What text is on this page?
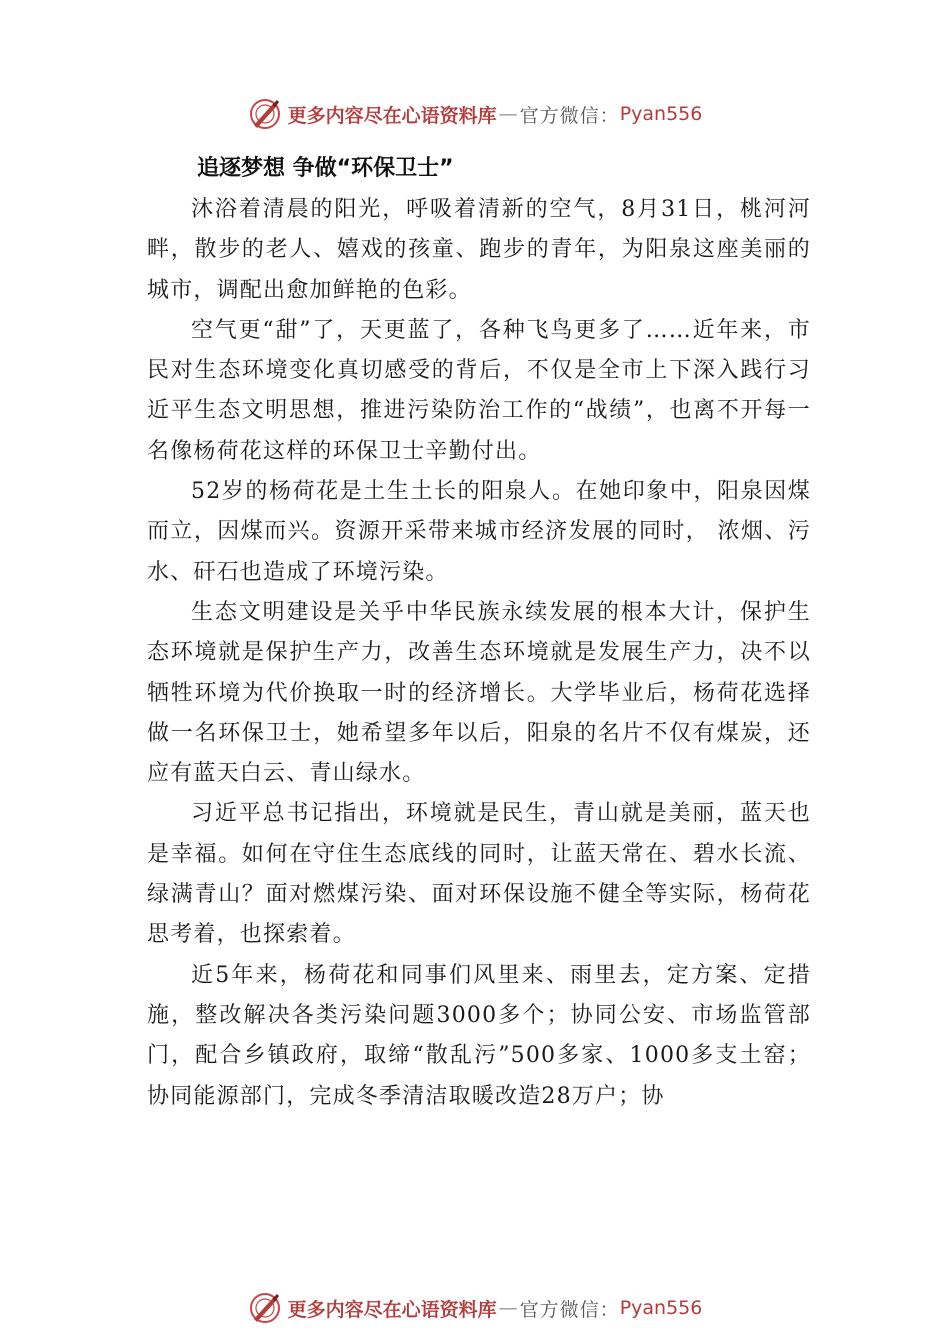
更多内容尽在心语资料库 — 官方微信： Pyan556
追逐梦想 争做“环保卫士”

沐浴着清晨的阳光，呼吸着清新的空气，8月31日，桃河河畔，散步的老人、嬉戏的孩童、跑步的青年，为阳泉这座美丽的城市，调配出愈加鲜艳的色彩。

空气更“甜”了，天更蓝了，各种飞鸟更多了……近年来，市民对生态环境变化真切感受的背后，不仅是全市上下深入践行习近平生态文明思想，推进污染防治工作的“战绩”，也离不开每一名像杨荷花这样的环保卫士辛勤付出。

52岁的杨荷花是土生土长的阳泉人。在她印象中，阳泉因煤而立，因煤而兴。资源开采带来城市经济发展的同时， 浓烟、污水、矸石也造成了环境污染。

生态文明建设是关乎中华民族永续发展的根本大计，保护生态环境就是保护生产力，改善生态环境就是发展生产力，决不以牺牲环境为代价换取一时的经济增长。大学毕业后，杨荷花选择做一名环保卫士，她希望多年以后，阳泉的名片不仅有煤炭，还应有蓝天白云、青山绿水。

习近平总书记指出，环境就是民生，青山就是美丽，蓝天也是幸福。如何在守住生态底线的同时，让蓝天常在、碧水长流、绿满青山？面对燃煤污染、面对环保设施不健全等实际，杨荷花思考着，也探索着。

近5年来，杨荷花和同事们风里来、雨里去，定方案、定措施，整改解决各类污染问题3000多个；协同公安、市场监管部门，配合乡镇政府，取缔“散乱污”500多家、1000多支土窑；协同能源部门，完成冬季清洁取暖改造28万户；协

更多内容尽在心语资料库 — 官方微信： Pyan556
